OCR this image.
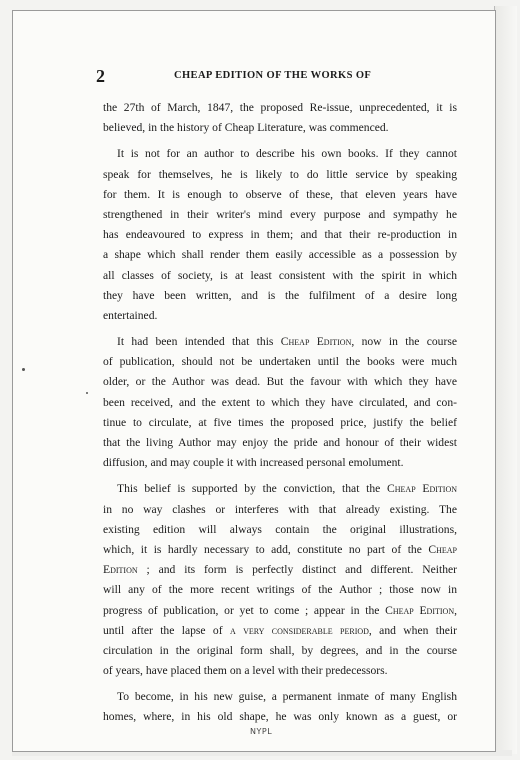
2	CHEAP EDITION OF THE WORKS OF

the 27th of March, 1847, the proposed Re-issue, unprecedented, it is
believed, in the history of Cheap Literature, was commenced.

It is not for an author to describe his own books. If they cannot
speak for themselves, he is likely to do little service by speaking
for them. It is enough to observe of these, that eleven years have
strengthened in their writer's mind every purpose and sympathy he
has endeavoured to express in them; and that their re-production in
a shape which shall render them easily accessible as a possession by
all classes of society, is at least consistent with the spirit in which
they have been written, and is the fulfilment of a desire long
entertained.

It had been intended that this Cheap Edition, now in the course
of publication, should not be undertaken until the books were much
older, or the Author was dead. But the favour with which they have
been received, and the extent to which they have circulated, and con-
tinue to circulate, at five times the proposed price, justify the belief
that the living Author may enjoy the pride and honour of their widest
diffusion, and may couple it with increased personal emolument.

This belief is supported by the conviction, that the Cheap Edition
in no way clashes or interferes with that already existing. The
existing edition will always contain the original illustrations,
which, it is hardly necessary to add, constitute no part of the Cheap
Edition ; and its form is perfectly distinct and different. Neither
will any of the more recent writings of the Author ; those now in
progress of publication, or yet to come ; appear in the Cheap Edition,
until after the lapse of a very considerable period, and when their
circulation in the original form shall, by degrees, and in the course
of years, have placed them on a level with their predecessors.

To become, in his new guise, a permanent inmate of many English
homes, where, in his old shape, he was only known as a guest, or

NYPL
